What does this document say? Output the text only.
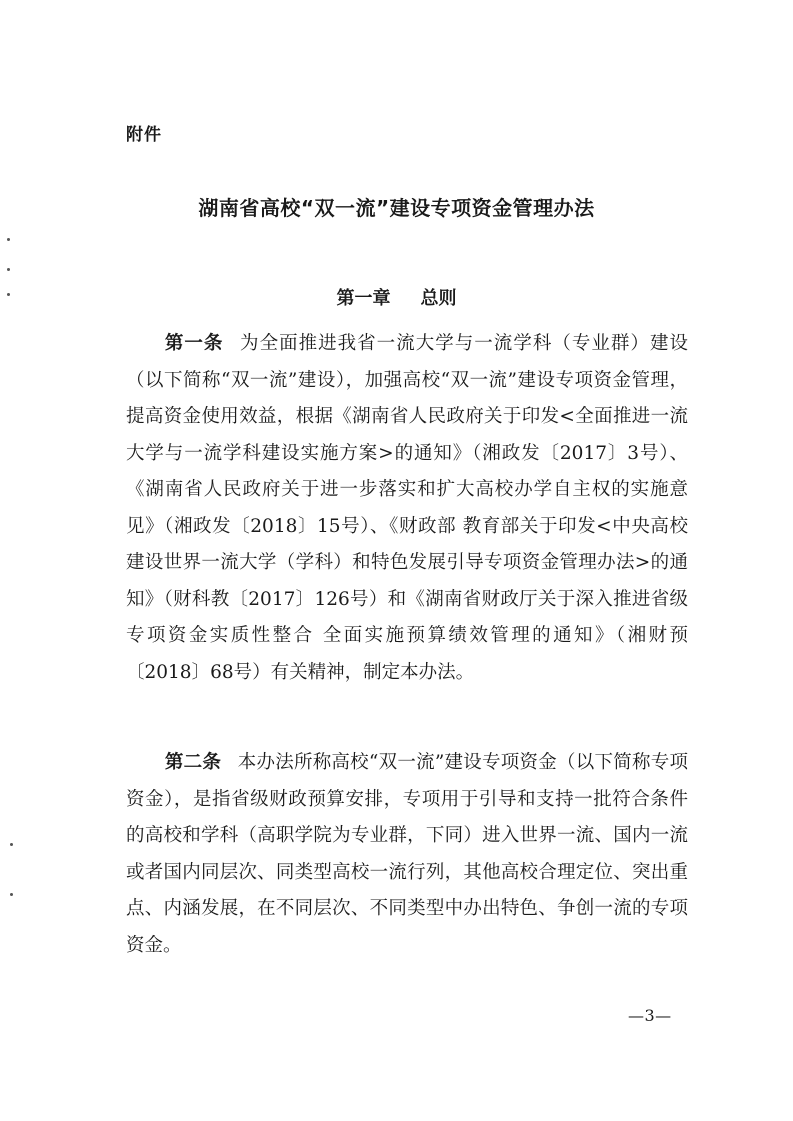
附件
湖南省高校“双一流”建设专项资金管理办法
第一章 总则

第一条 为全面推进我省一流大学与一流学科（专业群）建设（以下简称“双一流”建设），加强高校“双一流”建设专项资金管理，提高资金使用效益，根据《湖南省人民政府关于印发<全面推进一流大学与一流学科建设实施方案>的通知》（湘政发〔2017〕3号）、《湖南省人民政府关于进一步落实和扩大高校办学自主权的实施意见》（湘政发〔2018〕15号）、《财政部 教育部关于印发<中央高校建设世界一流大学（学科）和特色发展引导专项资金管理办法>的通知》（财科教〔2017〕126号）和《湖南省财政厅关于深入推进省级专项资金实质性整合 全面实施预算绩效管理的通知》（湘财预〔2018〕68号）有关精神，制定本办法。

第二条 本办法所称高校“双一流”建设专项资金（以下简称专项资金），是指省级财政预算安排，专项用于引导和支持一批符合条件的高校和学科（高职学院为专业群，下同）进入世界一流、国内一流或者国内同层次、同类型高校一流行列，其他高校合理定位、突出重点、内涵发展，在不同层次、不同类型中办出特色、争创一流的专项资金。

—3—
